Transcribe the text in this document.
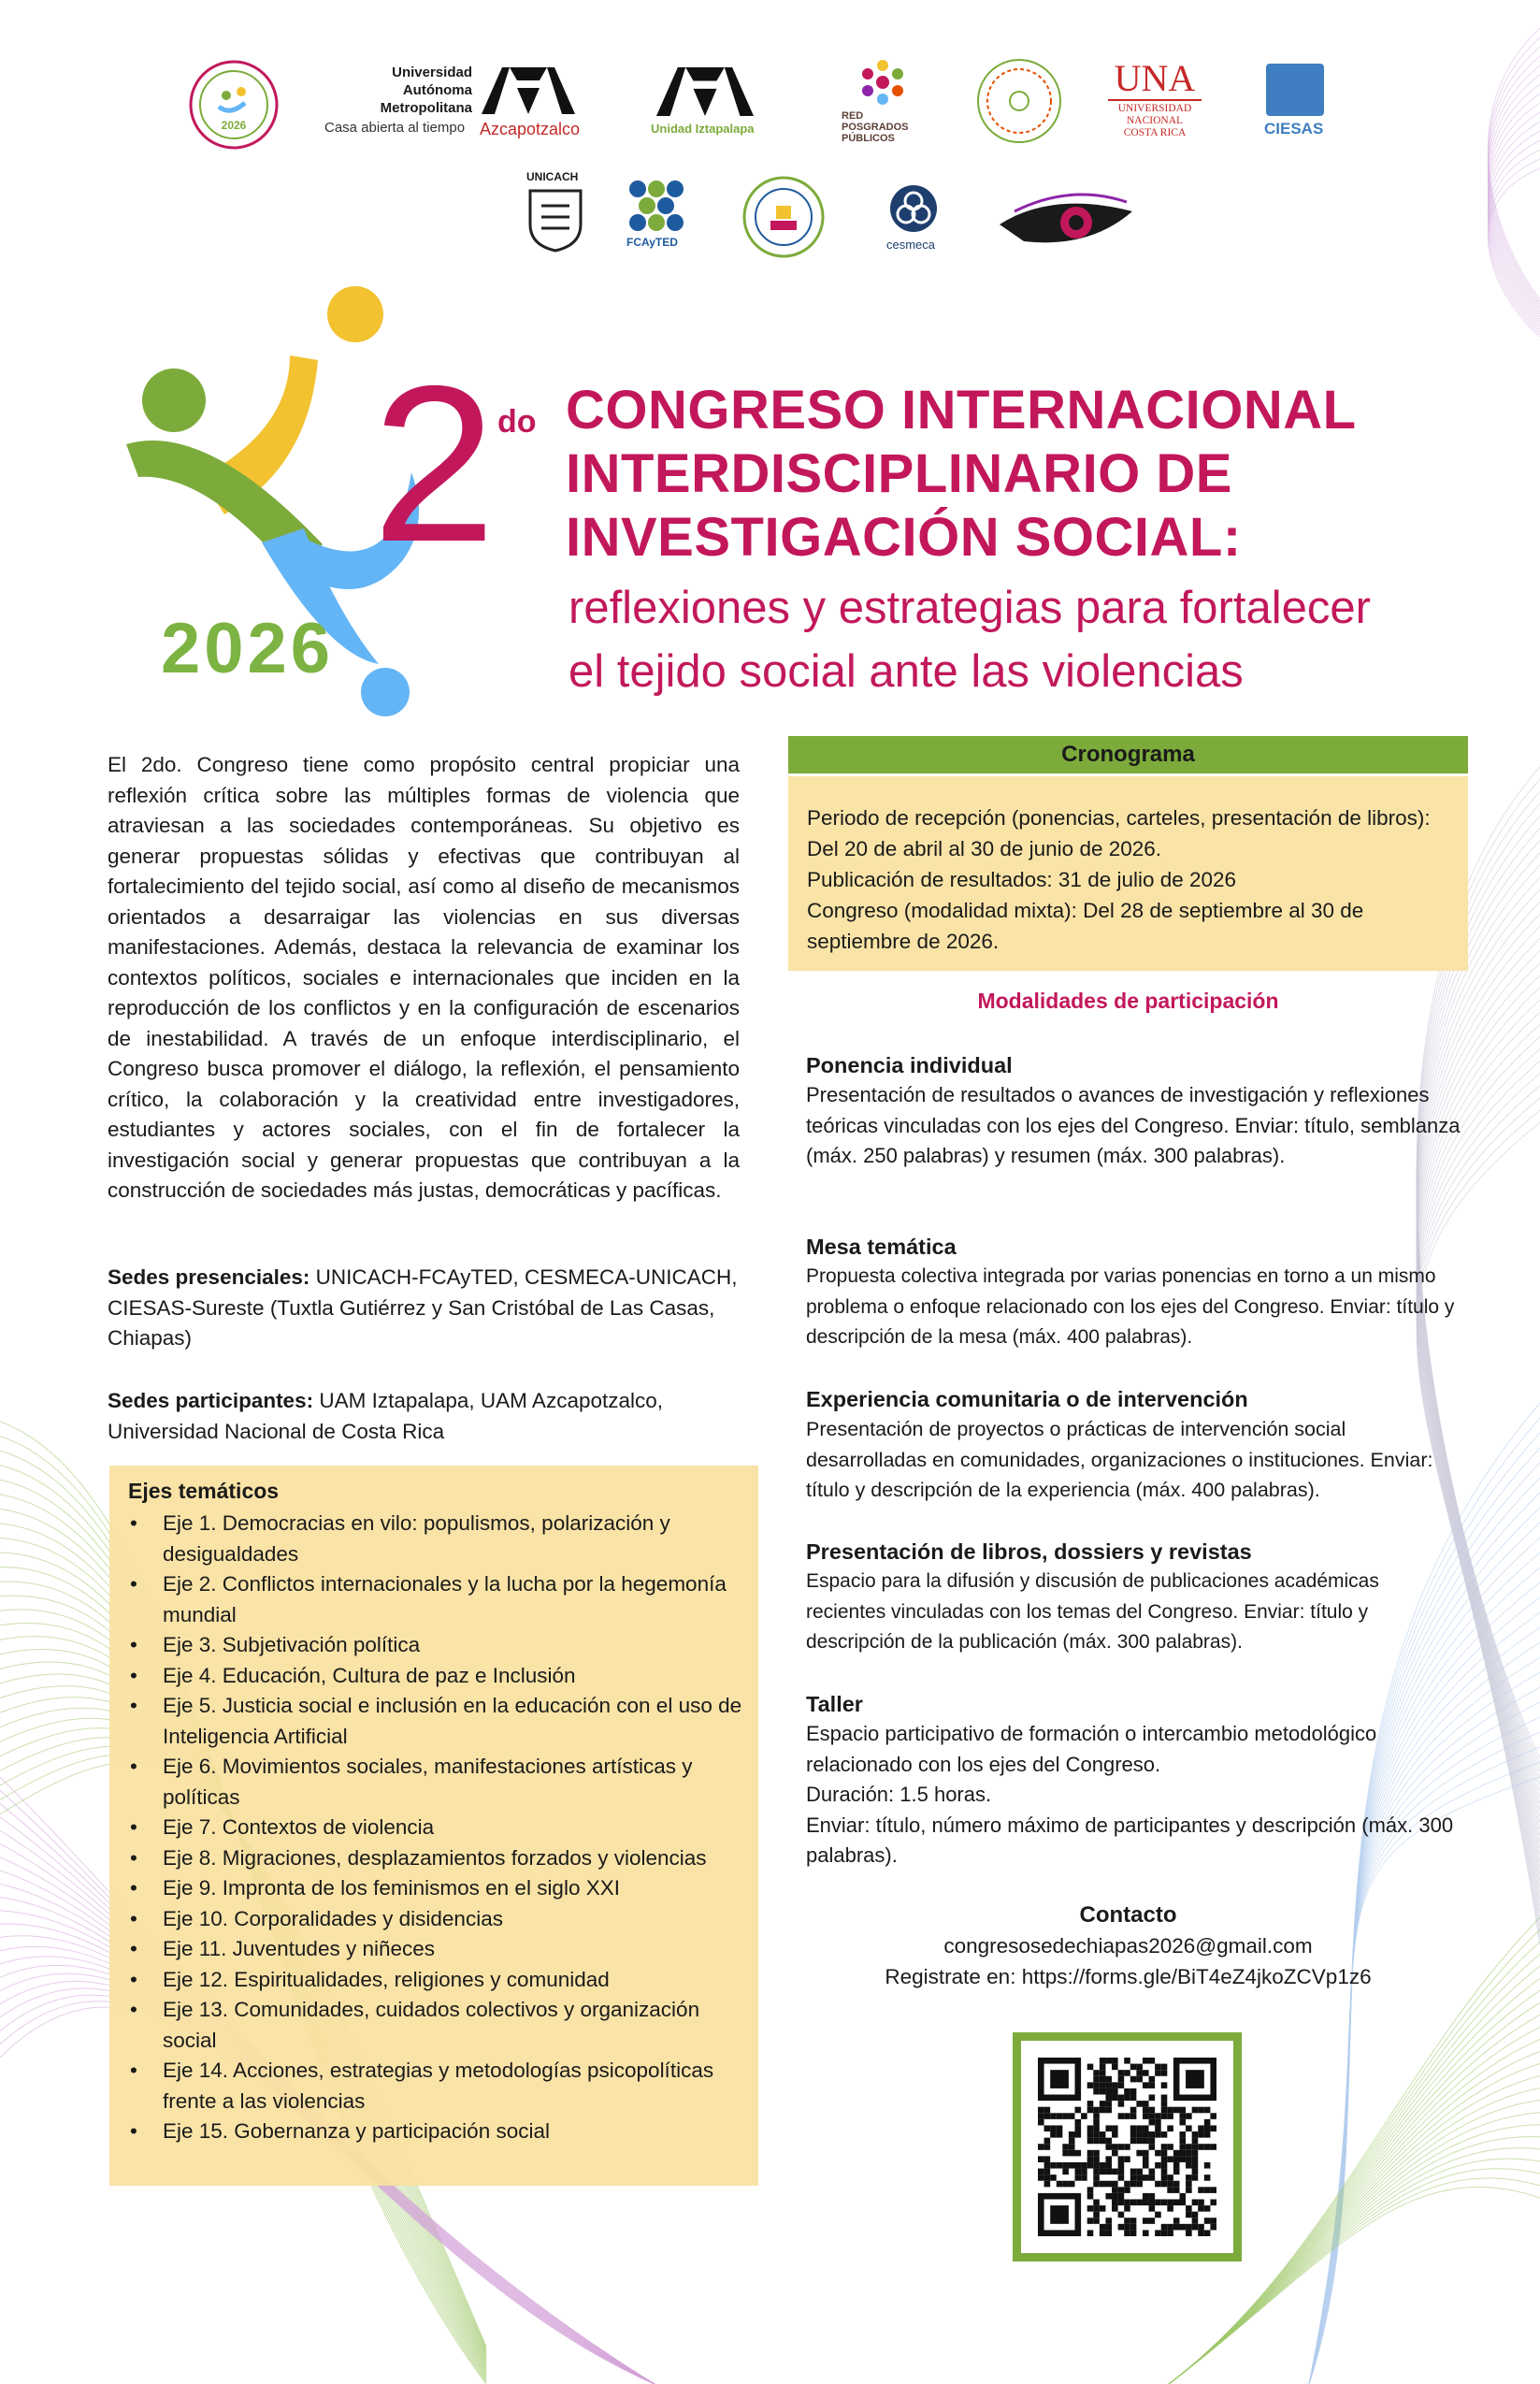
2026
Universidad
Autónoma
Metropolitana
Casa abierta al tiempo Azcapotzalco	Unidad Iztapalapa
RED
POSGRADOS
PÚBLICOS
UNA
UNIVERSIDAD
NACIONAL
COSTA RICA	CIESAS
UNICACH
FCAyTED	cesmeca
2026
2 do CONGRESO INTERNACIONAL
INTERDISCIPLINARIO DE
INVESTIGACIÓN SOCIAL:
reflexiones y estrategias para fortalecer
el tejido social ante las violencias
El 2do. Congreso tiene como propósito central propiciar una reflexión crítica sobre las múltiples formas de violencia que atraviesan a las sociedades contemporáneas. Su objetivo es generar propuestas sólidas y efectivas que contribuyan al fortalecimiento del tejido social, así como al diseño de mecanismos orientados a desarraigar las violencias en sus diversas manifestaciones. Además, destaca la relevancia de examinar los contextos políticos, sociales e internacionales que inciden en la reproducción de los conflictos y en la configuración de escenarios de inestabilidad. A través de un enfoque interdisciplinario, el Congreso busca promover el diálogo, la reflexión, el pensamiento crítico, la colaboración y la creatividad entre investigadores, estudiantes y actores sociales, con el fin de fortalecer la investigación social y generar propuestas que contribuyan a la construcción de sociedades más justas, democráticas y pacíficas.
Sedes presenciales: UNICACH-FCAyTED, CESMECA-UNICACH, CIESAS-Sureste (Tuxtla Gutiérrez y San Cristóbal de Las Casas, Chiapas)
Sedes participantes: UAM Iztapalapa, UAM Azcapotzalco, Universidad Nacional de Costa Rica
Ejes temáticos
• Eje 1. Democracias en vilo: populismos, polarización y desigualdades
• Eje 2. Conflictos internacionales y la lucha por la hegemonía mundial
• Eje 3. Subjetivación política
• Eje 4. Educación, Cultura de paz e Inclusión
• Eje 5. Justicia social e inclusión en la educación con el uso de Inteligencia Artificial
• Eje 6. Movimientos sociales, manifestaciones artísticas y políticas
• Eje 7. Contextos de violencia
• Eje 8. Migraciones, desplazamientos forzados y violencias
• Eje 9. Impronta de los feminismos en el siglo XXI
• Eje 10. Corporalidades y disidencias
• Eje 11. Juventudes y niñeces
• Eje 12. Espiritualidades, religiones y comunidad
• Eje 13. Comunidades, cuidados colectivos y organización social
• Eje 14. Acciones, estrategias y metodologías psicopolíticas frente a las violencias
• Eje 15. Gobernanza y participación social
Cronograma
Periodo de recepción (ponencias, carteles, presentación de libros): Del 20 de abril al 30 de junio de 2026.
Publicación de resultados: 31 de julio de 2026
Congreso (modalidad mixta): Del 28 de septiembre al 30 de septiembre de 2026.
Modalidades de participación
Ponencia individual

Presentación de resultados o avances de investigación y reflexiones teóricas vinculadas con los ejes del Congreso. Enviar: título, semblanza (máx. 250 palabras) y resumen (máx. 300 palabras).

Mesa temática

Propuesta colectiva integrada por varias ponencias en torno a un mismo problema o enfoque relacionado con los ejes del Congreso. Enviar: título y descripción de la mesa (máx. 400 palabras).

Experiencia comunitaria o de intervención

Presentación de proyectos o prácticas de intervención social desarrolladas en comunidades, organizaciones o instituciones. Enviar: título y descripción de la experiencia (máx. 400 palabras).

Presentación de libros, dossiers y revistas

Espacio para la difusión y discusión de publicaciones académicas recientes vinculadas con los temas del Congreso. Enviar: título y descripción de la publicación (máx. 300 palabras).

Taller

Espacio participativo de formación o intercambio metodológico relacionado con los ejes del Congreso.

Duración: 1.5 horas.

Enviar: título, número máximo de participantes y descripción (máx. 300 palabras).

Contacto
congresosedechiapas2026@gmail.com
Registrate en: https://forms.gle/BiT4eZ4jkoZCVp1z6
